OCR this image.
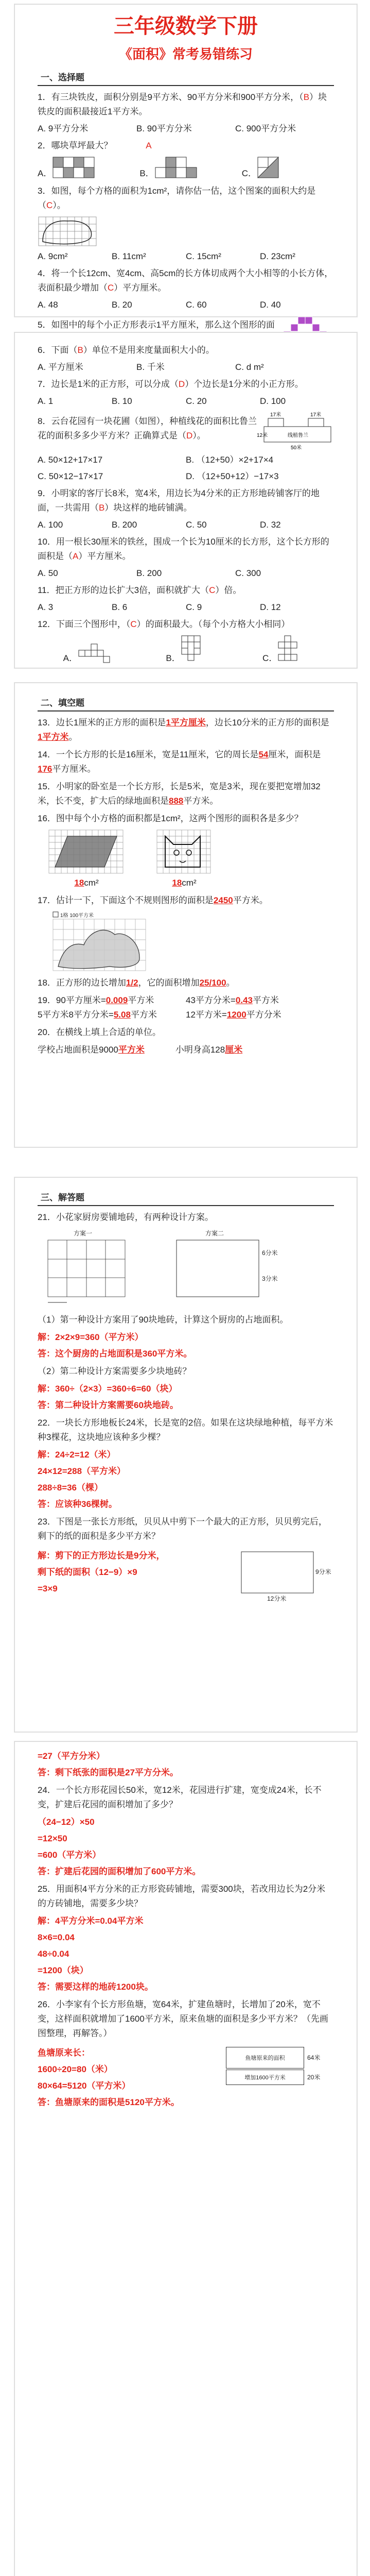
三年级数学下册
《面积》常考易错练习
一、选择题
1．有三块铁皮，面积分别是9平方米、90平方分米和900平方分米，（B）块铁皮的面积最接近1平方米。
A. 9平方分米	B. 90平方分米	C. 900平方分米
2．哪块草坪最大？	A
A．	B．	C．
3．如图，每个方格的面积为1cm²，请你估一估，这个图案的面积大约是（C）。
A. 9cm²	B. 11cm²	C. 15cm²	D. 23cm²
4．将一个长12cm、宽4cm、高5cm的长方体切成两个大小相等的小长方体，表面积最少增加（C）平方厘米。
A. 48	B. 20	C. 60	D. 40
5．如图中的每个小正方形表示1平方厘米，那么这个图形的面
6．下面（B）单位不是用来度量面积大小的。
A. 平方厘米	B. 千米	C. d m²
7．边长是1米的正方形，可以分成（D）个边长是1分米的小正方形。
A. 1	B. 10	C. 20	D. 100
8．云台花园有一块花圃（如图），种植线花的面积比鲁兰花的面积多多少平方米？正确算式是（D）。
17米	17米
12米	线植鲁兰
50米
A. 50×12+17×17	B. （12+50）×2+17×4
C. 50×12−17×17	D. （12+50+12）−17×3
9．小明家的客厅长8米，宽4米，用边长为4分米的正方形地砖铺客厅的地面，一共需用（B）块这样的地砖铺满。
A. 100	B. 200	C. 50	D. 32
10．用一根长30厘米的铁丝，围成一个长为10厘米的长方形，这个长方形的面积是（A）平方厘米。
A. 50	B. 200	C. 300
11．把正方形的边长扩大3倍，面积就扩大（C）倍。
A. 3	B. 6	C. 9	D. 12
12．下面三个图形中，（C）的面积最大。（每个小方格大小相同）
A．	B．	C．
二、填空题
13．边长1厘米的正方形的面积是1平方厘米，边长10分米的正方形的面积是1平方米。
14．一个长方形的长是16厘米，宽是11厘米，它的周长是54厘米，面积是176平方厘米。
15．小明家的卧室是一个长方形，长是5米，宽是3米，现在要把宽增加32米，长不变，扩大后的绿地面积是888平方米。
16．图中每个小方格的面积都是1cm²，这两个图形的面积各是多少？
18cm²	18cm²
17．估计一下，下面这个不规则图形的面积是2450平方米。
1格 100平方米
18．正方形的边长增加1/2，它的面积增加25/100。
19．90平方厘米=0.009平方米	43平方分米=0.43平方米
5平方米8平方分米=5.08平方米	12平方米=1200平方分米
20．在横线上填上合适的单位。
学校占地面积是9000平方米	小明身高128厘米
三、解答题
21．小花家厨房要铺地砖，有两种设计方案。
方案一	方案二
6分米
3分米
（1）第一种设计方案用了90块地砖，计算这个厨房的占地面积。
解：2×2×9=360（平方米）
答：这个厨房的占地面积是360平方米。
（2）第二种设计方案需要多少块地砖？
解：360÷（2×3）=360÷6=60（块）
答：第二种设计方案需要60块地砖。
22．一块长方形地板长24米，长是宽的2倍。如果在这块绿地种植，每平方米种3棵花，这块地应该种多少棵？
解：24÷2=12（米）
24×12=288（平方米）
288÷8=36（棵）
答：应该种36棵树。
23．下图是一张长方形纸，贝贝从中剪下一个最大的正方形，贝贝剪完后，剩下的纸的面积是多少平方米？
解：剪下的正方形边长是9分米，
剩下纸的面积（12−9）×9
=3×9
9分米
12分米
=27（平方分米）
答：剩下纸张的面积是27平方分米。
24．一个长方形花园长50米，宽12米，花园进行扩建，宽变成24米，长不变，扩建后花园的面积增加了多少？
（24−12）×50
=12×50
=600（平方米）
答：扩建后花园的面积增加了600平方米。
25．用面积4平方分米的正方形瓷砖铺地，需要300块，若改用边长为2分米的方砖铺地，需要多少块？
解：4平方分米=0.04平方米
8×6=0.04
48÷0.04
=1200（块）
答：需要这样的地砖1200块。
26．小李家有个长方形鱼塘，宽64米，扩建鱼塘时，长增加了20米，宽不变，这样面积就增加了1600平方米，原来鱼塘的面积是多少平方米？（先画图整理，再解答。）
鱼塘原来长：
1600÷20=80（米）
80×64=5120（平方米）
答：鱼塘原来的面积是5120平方米。
鱼塘原来的面积
增加1600平方米
64米
20米
